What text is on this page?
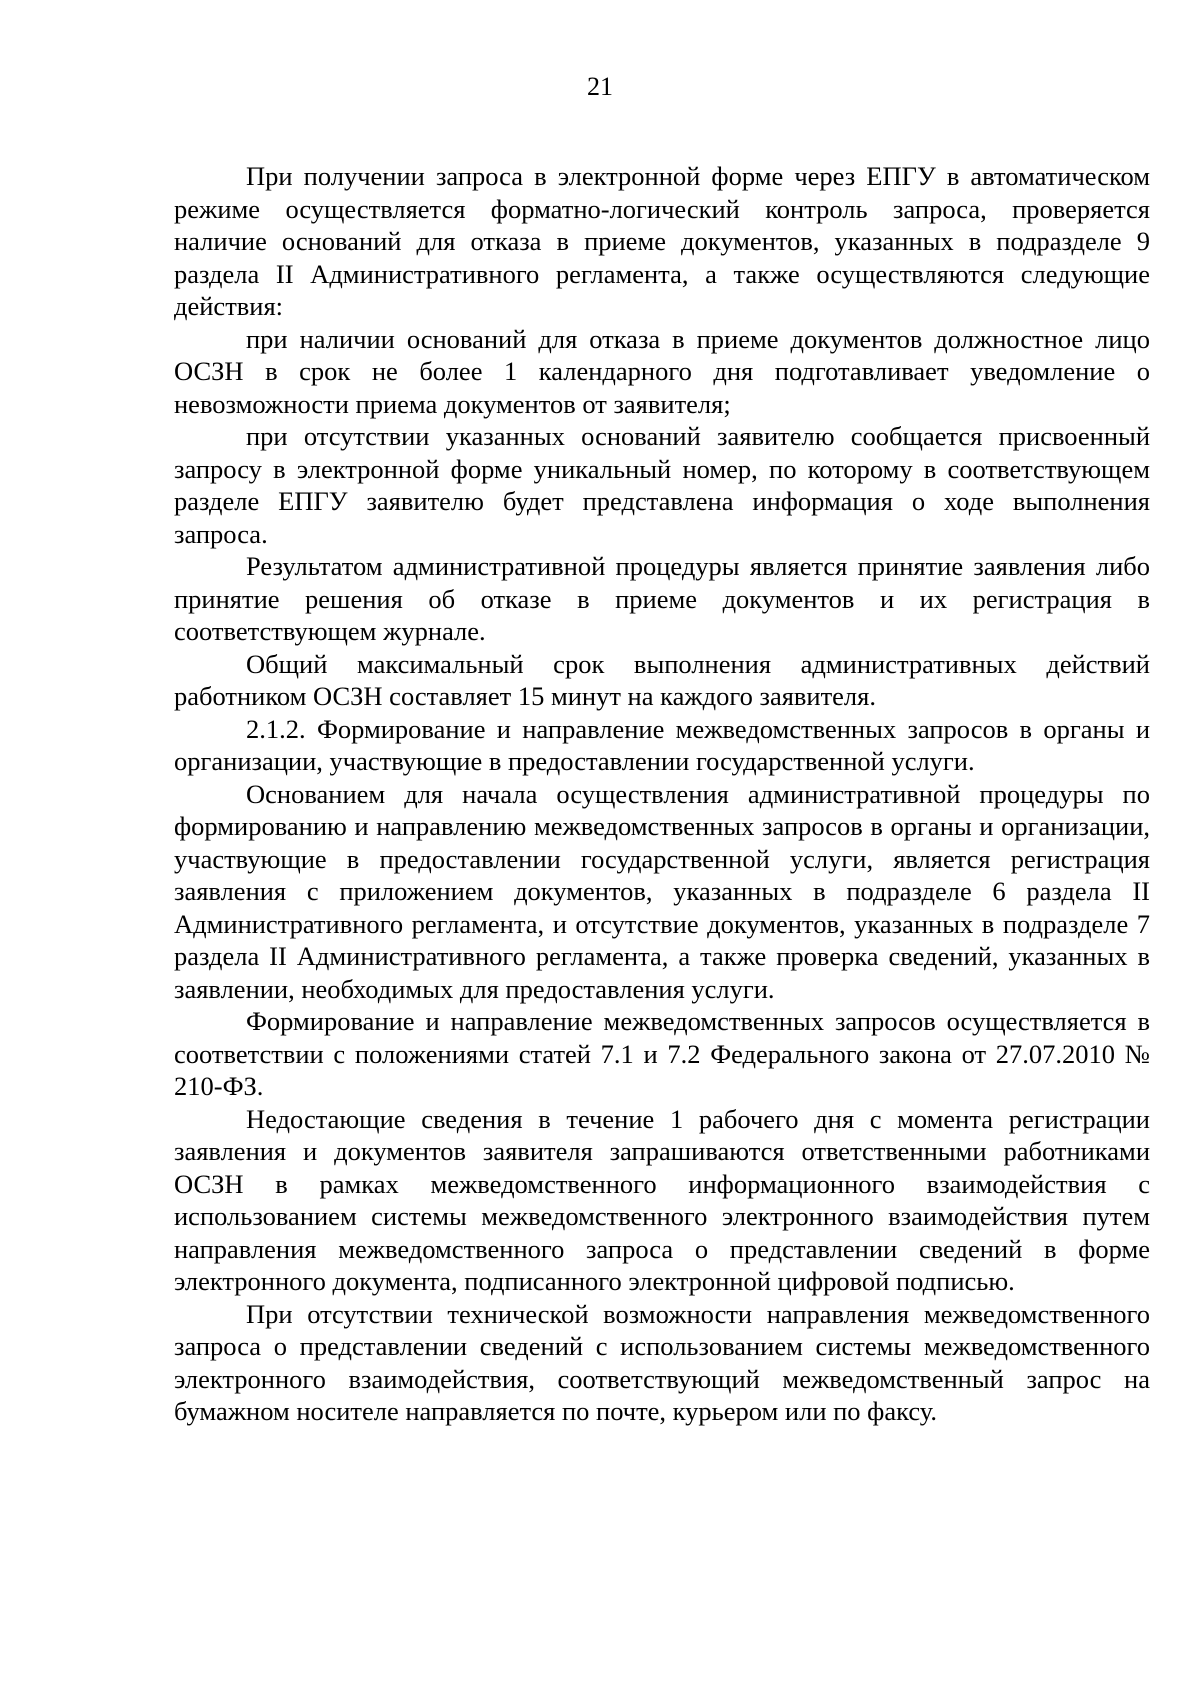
21

При получении запроса в электронной форме через ЕПГУ в автоматическом режиме осуществляется форматно-логический контроль запроса, проверяется наличие оснований для отказа в приеме документов, указанных в подразделе 9 раздела II Административного регламента, а также осуществляются следующие действия:

при наличии оснований для отказа в приеме документов должностное лицо ОСЗН в срок не более 1 календарного дня подготавливает уведомление о невозможности приема документов от заявителя;

при отсутствии указанных оснований заявителю сообщается присвоенный запросу в электронной форме уникальный номер, по которому в соответствующем разделе ЕПГУ заявителю будет представлена информация о ходе выполнения запроса.

Результатом административной процедуры является принятие заявления либо принятие решения об отказе в приеме документов и их регистрация в соответствующем журнале.

Общий максимальный срок выполнения административных действий работником ОСЗН составляет 15 минут на каждого заявителя.

2.1.2. Формирование и направление межведомственных запросов в органы и организации, участвующие в предоставлении государственной услуги.

Основанием для начала осуществления административной процедуры по формированию и направлению межведомственных запросов в органы и организации, участвующие в предоставлении государственной услуги, является регистрация заявления с приложением документов, указанных в подразделе 6 раздела II Административного регламента, и отсутствие документов, указанных в подразделе 7 раздела II Административного регламента, а также проверка сведений, указанных в заявлении, необходимых для предоставления услуги.

Формирование и направление межведомственных запросов осуществляется в соответствии с положениями статей 7.1 и 7.2 Федерального закона от 27.07.2010 № 210-ФЗ.

Недостающие сведения в течение 1 рабочего дня с момента регистрации заявления и документов заявителя запрашиваются ответственными работниками ОСЗН в рамках межведомственного информационного взаимодействия с использованием системы межведомственного электронного взаимодействия путем направления межведомственного запроса о представлении сведений в форме электронного документа, подписанного электронной цифровой подписью.

При отсутствии технической возможности направления межведомственного запроса о представлении сведений с использованием системы межведомственного электронного взаимодействия, соответствующий межведомственный запрос на бумажном носителе направляется по почте, курьером или по факсу.
